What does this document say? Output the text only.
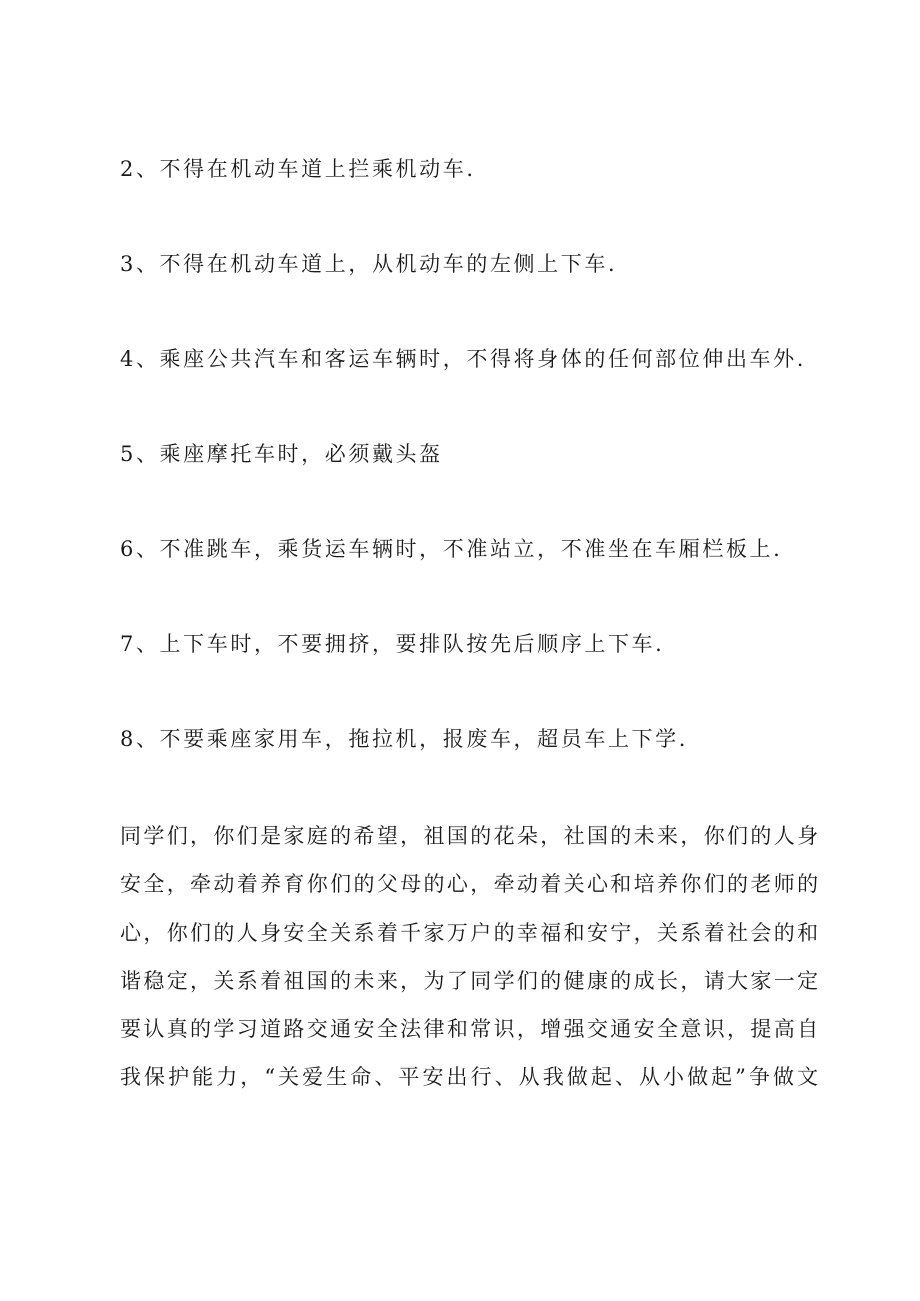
2、不得在机动车道上拦乘机动车.
3、不得在机动车道上，从机动车的左侧上下车.
4、乘座公共汽车和客运车辆时，不得将身体的任何部位伸出车外.
5、乘座摩托车时，必须戴头盔
6、不准跳车，乘货运车辆时，不准站立，不准坐在车厢栏板上.
7、上下车时，不要拥挤，要排队按先后顺序上下车.
8、不要乘座家用车，拖拉机，报废车，超员车上下学.

同学们，你们是家庭的希望，祖国的花朵，社国的未来，你们的人身
安全，牵动着养育你们的父母的心，牵动着关心和培养你们的老师的
心，你们的人身安全关系着千家万户的幸福和安宁，关系着社会的和
谐稳定，关系着祖国的未来，为了同学们的健康的成长，请大家一定
要认真的学习道路交通安全法律和常识，增强交通安全意识，提高自
我保护能力，“关爱生命、平安出行、从我做起、从小做起”争做文
